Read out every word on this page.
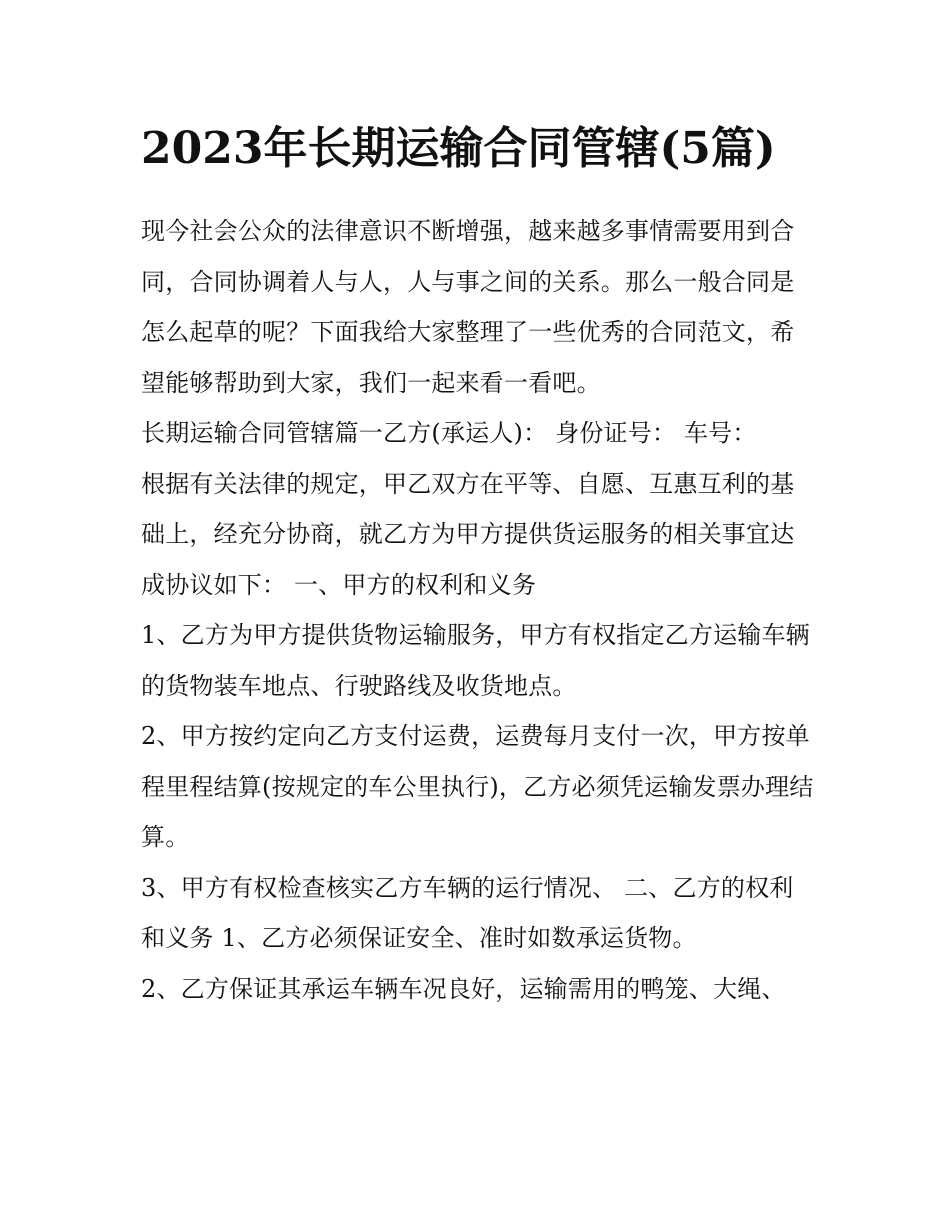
2023年长期运输合同管辖(5篇)

现今社会公众的法律意识不断增强，越来越多事情需要用到合同，合同协调着人与人，人与事之间的关系。那么一般合同是怎么起草的呢？下面我给大家整理了一些优秀的合同范文，希望能够帮助到大家，我们一起来看一看吧。

长期运输合同管辖篇一乙方(承运人)： 身份证号： 车号：

根据有关法律的规定，甲乙双方在平等、自愿、互惠互利的基础上，经充分协商，就乙方为甲方提供货运服务的相关事宜达成协议如下： 一、甲方的权利和义务

1、乙方为甲方提供货物运输服务，甲方有权指定乙方运输车辆的货物装车地点、行驶路线及收货地点。

2、甲方按约定向乙方支付运费，运费每月支付一次，甲方按单程里程结算(按规定的车公里执行)，乙方必须凭运输发票办理结算。

3、甲方有权检查核实乙方车辆的运行情况、 二、乙方的权利和义务 1、乙方必须保证安全、准时如数承运货物。

2、乙方保证其承运车辆车况良好，运输需用的鸭笼、大绳、
